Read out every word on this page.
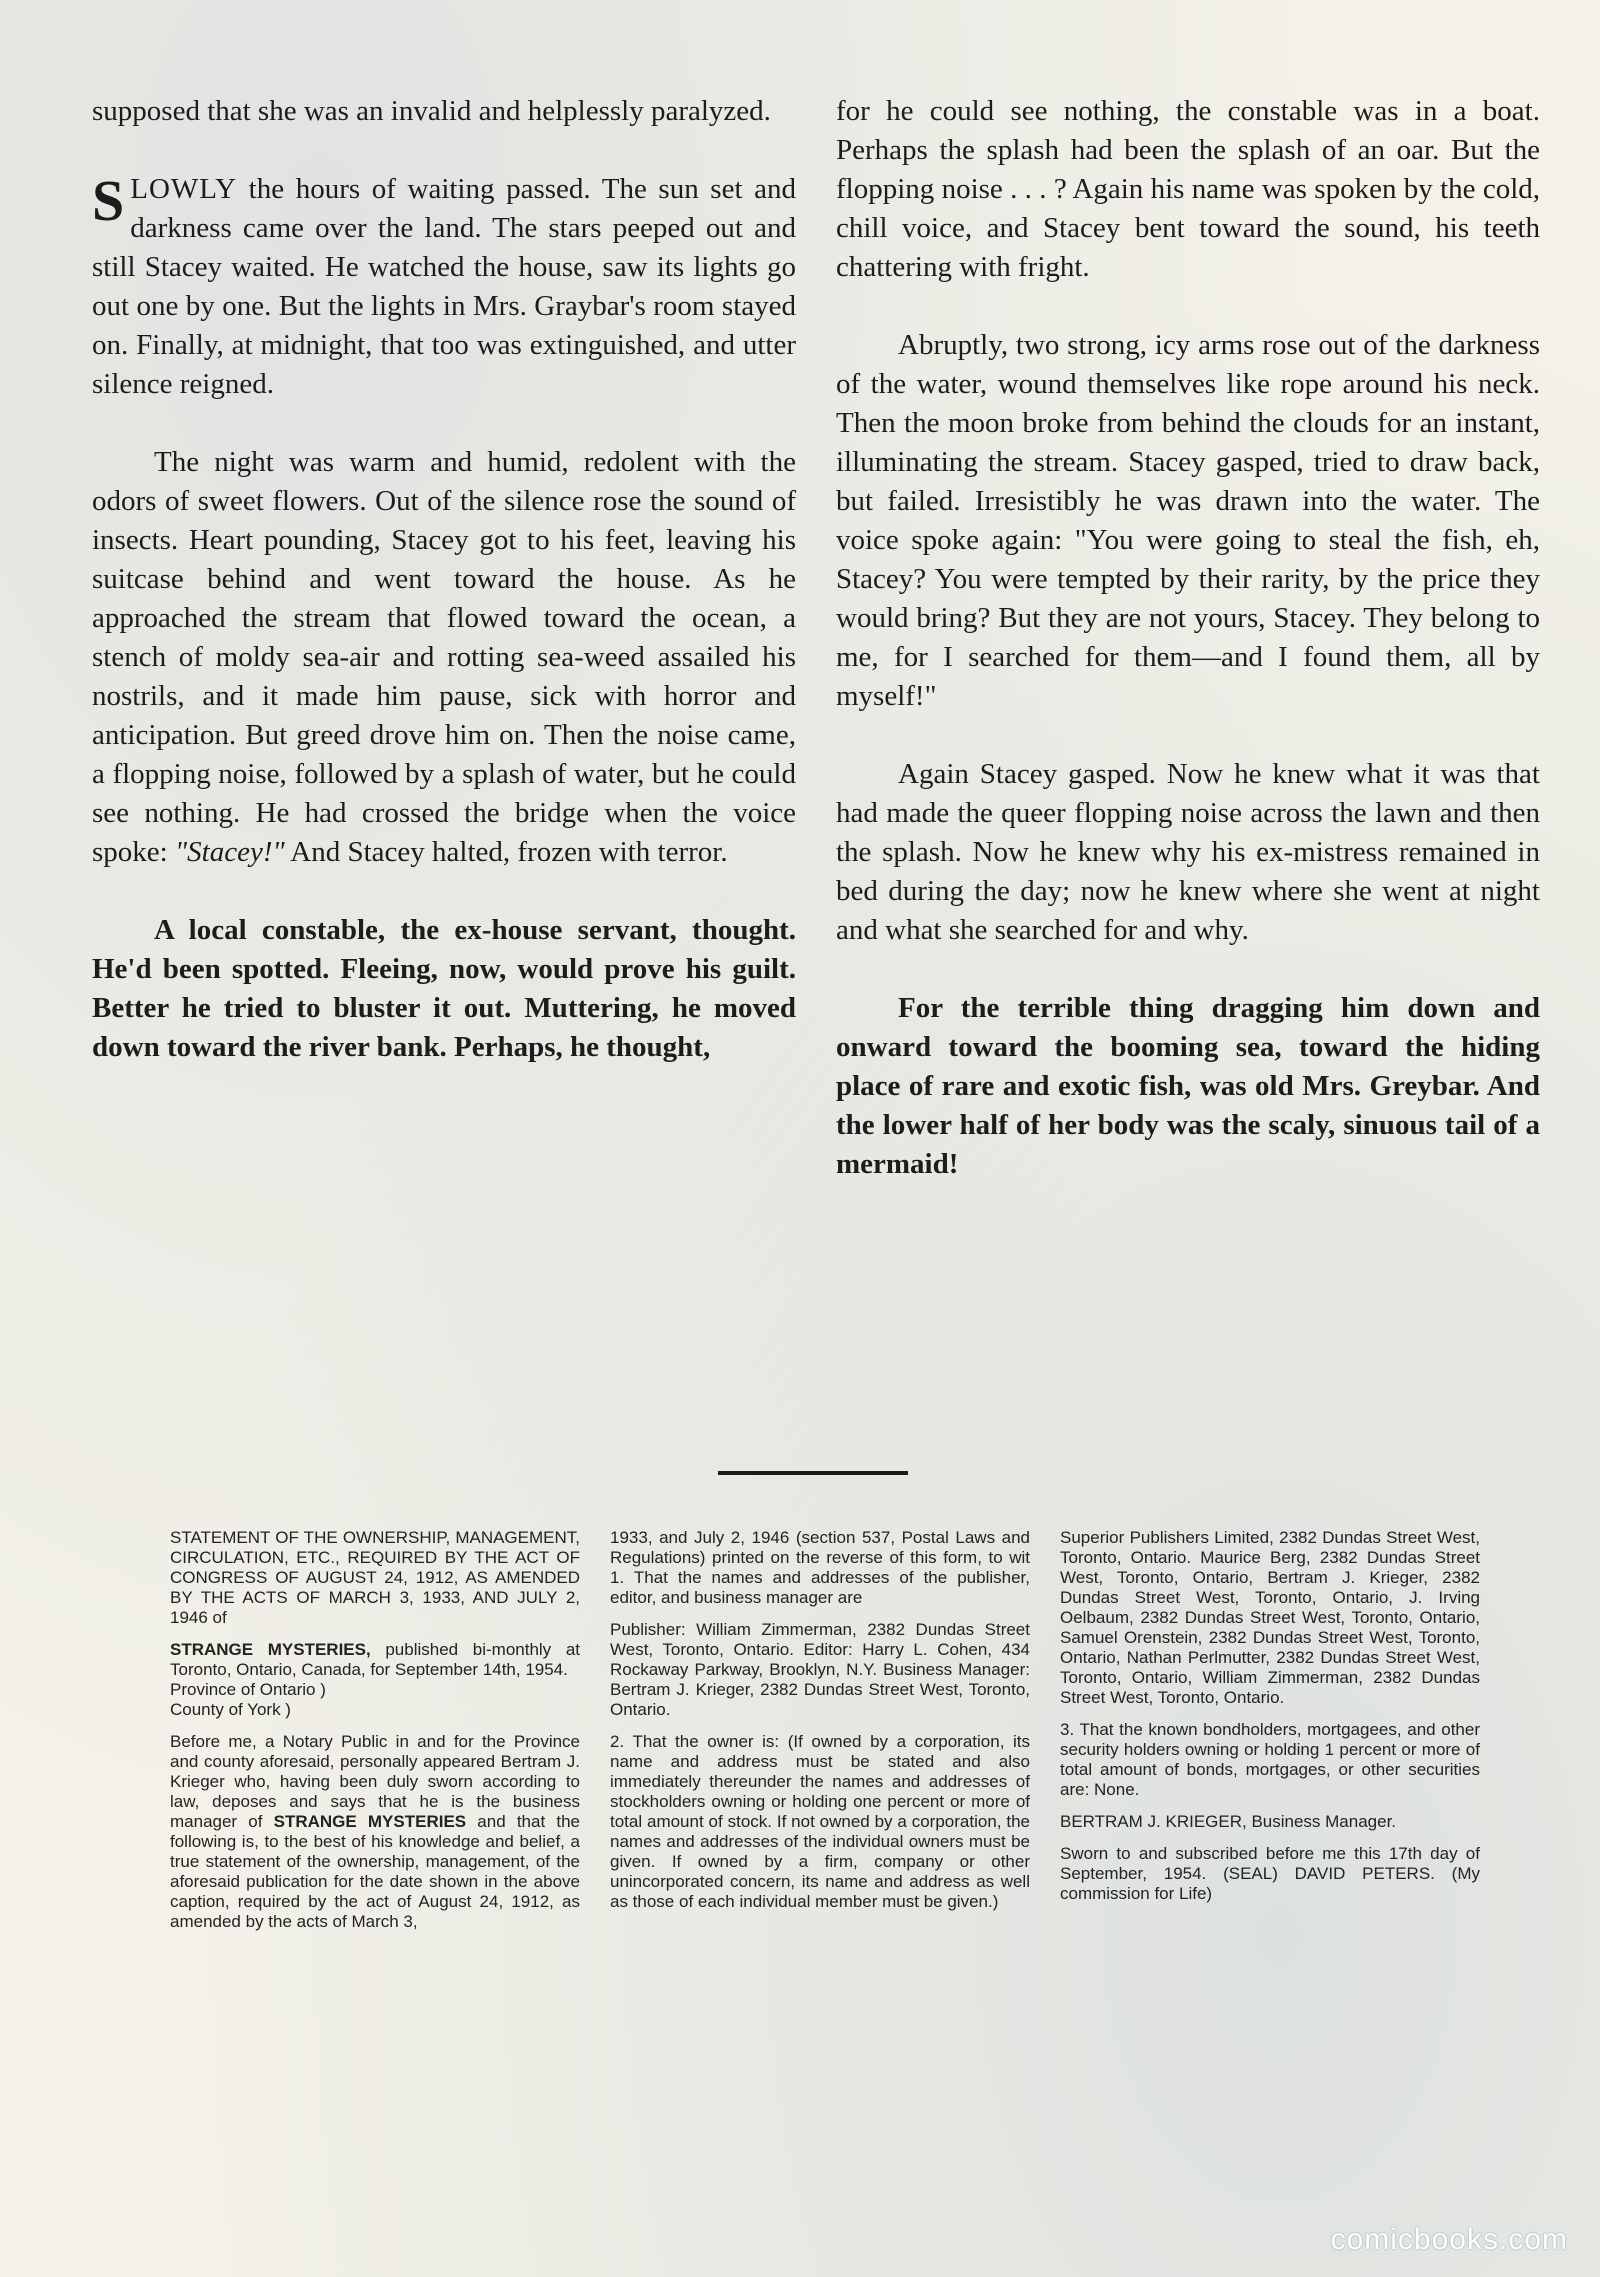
supposed that she was an invalid and helplessly paralyzed.

SLOWLY the hours of waiting passed. The sun set and darkness came over the land. The stars peeped out and still Stacey waited. He watched the house, saw its lights go out one by one. But the lights in Mrs. Graybar's room stayed on. Finally, at midnight, that too was extinguished, and utter silence reigned.

The night was warm and humid, redolent with the odors of sweet flowers. Out of the silence rose the sound of insects. Heart pounding, Stacey got to his feet, leaving his suitcase behind and went toward the house. As he approached the stream that flowed toward the ocean, a stench of moldy sea-air and rotting sea-weed assailed his nostrils, and it made him pause, sick with horror and anticipation. But greed drove him on. Then the noise came, a flopping noise, followed by a splash of water, but he could see nothing. He had crossed the bridge when the voice spoke: "Stacey!" And Stacey halted, frozen with terror.

A local constable, the ex-house servant, thought. He'd been spotted. Fleeing, now, would prove his guilt. Better he tried to bluster it out. Muttering, he moved down toward the river bank. Perhaps, he thought,

for he could see nothing, the constable was in a boat. Perhaps the splash had been the splash of an oar. But the flopping noise . . . ? Again his name was spoken by the cold, chill voice, and Stacey bent toward the sound, his teeth chattering with fright.

Abruptly, two strong, icy arms rose out of the darkness of the water, wound themselves like rope around his neck. Then the moon broke from behind the clouds for an instant, illuminating the stream. Stacey gasped, tried to draw back, but failed. Irresistibly he was drawn into the water. The voice spoke again: "You were going to steal the fish, eh, Stacey? You were tempted by their rarity, by the price they would bring? But they are not yours, Stacey. They belong to me, for I searched for them—and I found them, all by myself!"

Again Stacey gasped. Now he knew what it was that had made the queer flopping noise across the lawn and then the splash. Now he knew why his ex-mistress remained in bed during the day; now he knew where she went at night and what she searched for and why.

For the terrible thing dragging him down and onward toward the booming sea, toward the hiding place of rare and exotic fish, was old Mrs. Greybar. And the lower half of her body was the scaly, sinuous tail of a mermaid!

STATEMENT OF THE OWNERSHIP, MANAGEMENT, CIRCULATION, ETC., REQUIRED BY THE ACT OF CONGRESS OF AUGUST 24, 1912, AS AMENDED BY THE ACTS OF MARCH 3, 1933, AND JULY 2, 1946 of

STRANGE MYSTERIES, published bi-monthly at Toronto, Ontario, Canada, for September 14th, 1954.
Province of Ontario )
County of York )

Before me, a Notary Public in and for the Province and county aforesaid, personally appeared Bertram J. Krieger who, having been duly sworn according to law, deposes and says that he is the business manager of STRANGE MYSTERIES and that the following is, to the best of his knowledge and belief, a true statement of the ownership, management, of the aforesaid publication for the date shown in the above caption, required by the act of August 24, 1912, as amended by the acts of March 3,

1933, and July 2, 1946 (section 537, Postal Laws and Regulations) printed on the reverse of this form, to wit 1. That the names and addresses of the publisher, editor, and business manager are

Publisher: William Zimmerman, 2382 Dundas Street West, Toronto, Ontario. Editor: Harry L. Cohen, 434 Rockaway Parkway, Brooklyn, N.Y. Business Manager: Bertram J. Krieger, 2382 Dundas Street West, Toronto, Ontario.

2. That the owner is: (If owned by a corporation, its name and address must be stated and also immediately thereunder the names and addresses of stockholders owning or holding one percent or more of total amount of stock. If not owned by a corporation, the names and addresses of the individual owners must be given. If owned by a firm, company or other unincorporated concern, its name and address as well as those of each individual member must be given.)

Superior Publishers Limited, 2382 Dundas Street West, Toronto, Ontario. Maurice Berg, 2382 Dundas Street West, Toronto, Ontario, Bertram J. Krieger, 2382 Dundas Street West, Toronto, Ontario, J. Irving Oelbaum, 2382 Dundas Street West, Toronto, Ontario, Samuel Orenstein, 2382 Dundas Street West, Toronto, Ontario, Nathan Perlmutter, 2382 Dundas Street West, Toronto, Ontario, William Zimmerman, 2382 Dundas Street West, Toronto, Ontario.

3. That the known bondholders, mortgagees, and other security holders owning or holding 1 percent or more of total amount of bonds, mortgages, or other securities are: None.

BERTRAM J. KRIEGER, Business Manager.

Sworn to and subscribed before me this 17th day of September, 1954. (SEAL) DAVID PETERS. (My commission for Life)

comicbooks.com
